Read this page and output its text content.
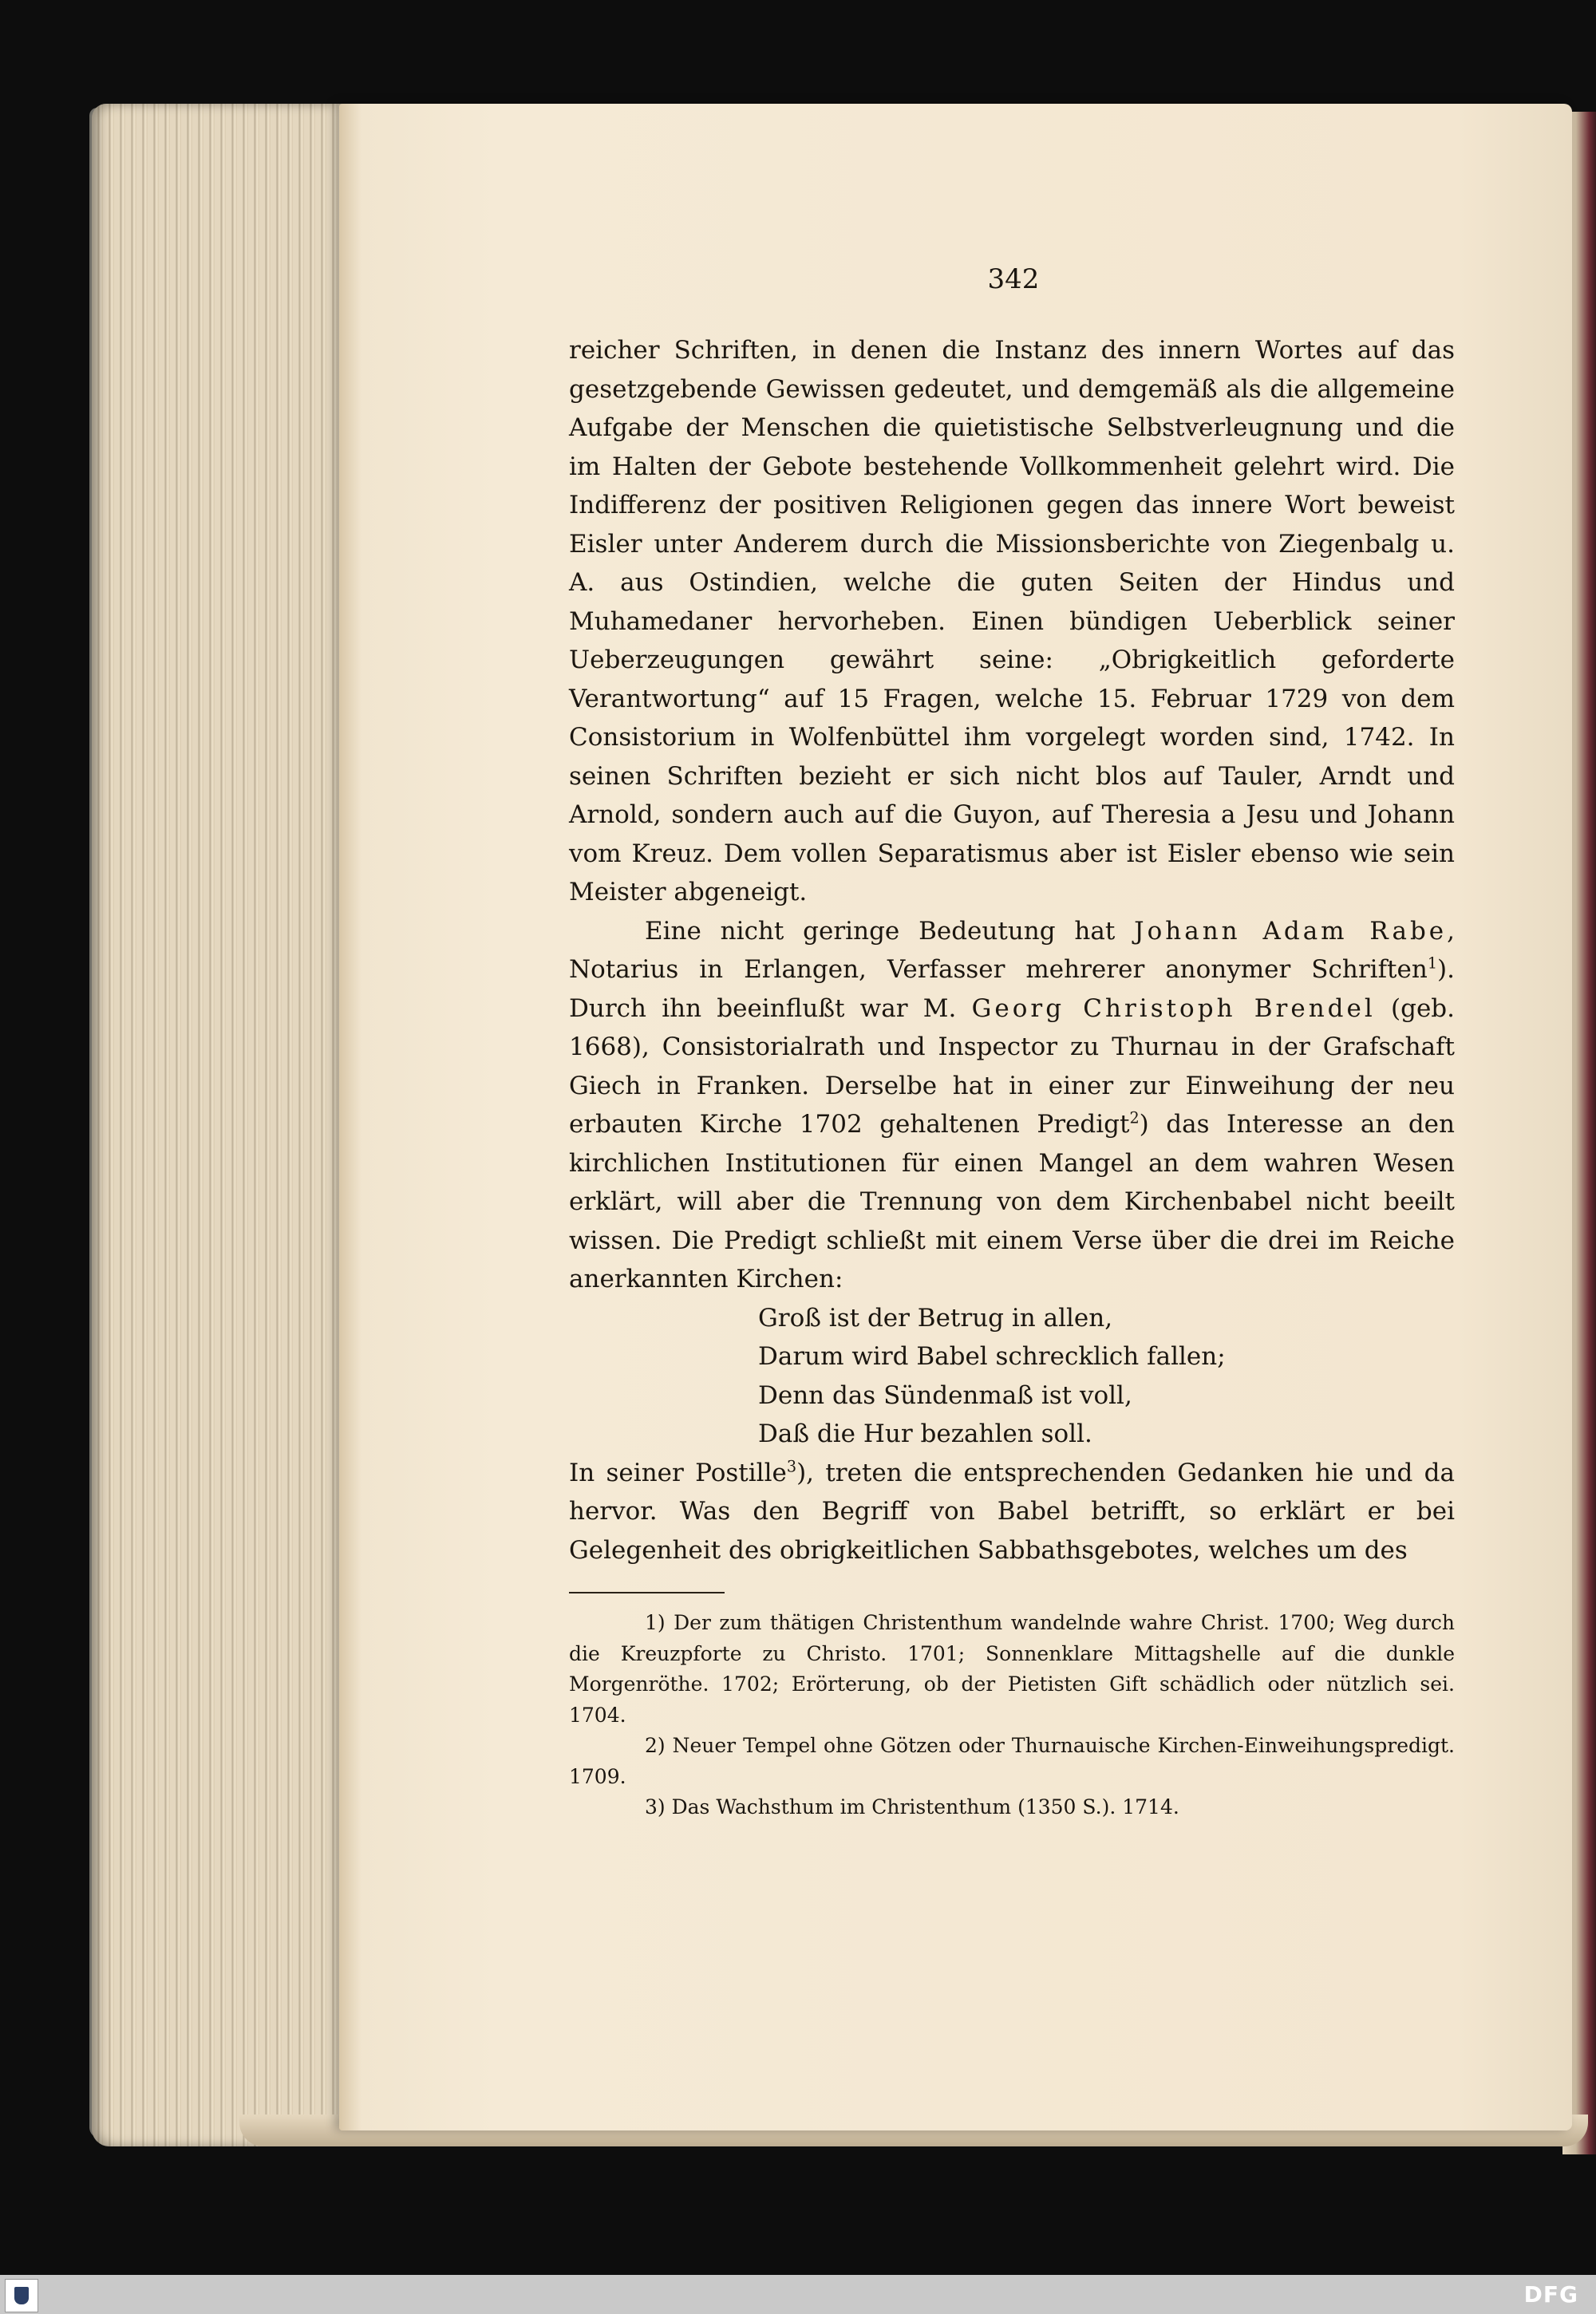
342

reicher Schriften, in denen die Instanz des innern Wortes auf das gesetzgebende Gewissen gedeutet, und demgemäß als die allgemeine Aufgabe der Menschen die quietistische Selbstverleugnung und die im Halten der Gebote bestehende Vollkommenheit gelehrt wird. Die Indifferenz der positiven Religionen gegen das innere Wort beweist Eisler unter Anderem durch die Missionsberichte von Ziegenbalg u. A. aus Ostindien, welche die guten Seiten der Hindus und Muhamedaner hervorheben. Einen bündigen Ueberblick seiner Ueberzeugungen gewährt seine: „Obrigkeitlich geforderte Verantwortung“ auf 15 Fragen, welche 15. Februar 1729 von dem Consistorium in Wolfenbüttel ihm vorgelegt worden sind, 1742. In seinen Schriften bezieht er sich nicht blos auf Tauler, Arndt und Arnold, sondern auch auf die Guyon, auf Theresia a Jesu und Johann vom Kreuz. Dem vollen Separatismus aber ist Eisler ebenso wie sein Meister abgeneigt.

Eine nicht geringe Bedeutung hat Johann Adam Rabe, Notarius in Erlangen, Verfasser mehrerer anonymer Schriften$^1$). Durch ihn beeinflußt war M. Georg Christoph Brendel (geb. 1668), Consistorialrath und Inspector zu Thurnau in der Grafschaft Giech in Franken. Derselbe hat in einer zur Einweihung der neu erbauten Kirche 1702 gehaltenen Predigt$^2$) das Interesse an den kirchlichen Institutionen für einen Mangel an dem wahren Wesen erklärt, will aber die Trennung von dem Kirchenbabel nicht beeilt wissen. Die Predigt schließt mit einem Verse über die drei im Reiche anerkannten Kirchen:

Groß ist der Betrug in allen,
Darum wird Babel schrecklich fallen;
Denn das Sündenmaß ist voll,
Daß die Hur bezahlen soll.

In seiner Postille$^3$), treten die entsprechenden Gedanken hie und da hervor. Was den Begriff von Babel betrifft, so erklärt er bei Gelegenheit des obrigkeitlichen Sabbathsgebotes, welches um des

1) Der zum thätigen Christenthum wandelnde wahre Christ. 1700; Weg durch die Kreuzpforte zu Christo. 1701; Sonnenklare Mittagshelle auf die dunkle Morgenröthe. 1702; Erörterung, ob der Pietisten Gift schädlich oder nützlich sei. 1704.

2) Neuer Tempel ohne Götzen oder Thurnauische Kirchen-Einweihungspredigt. 1709.

3) Das Wachsthum im Christenthum (1350 S.). 1714.

DFG
